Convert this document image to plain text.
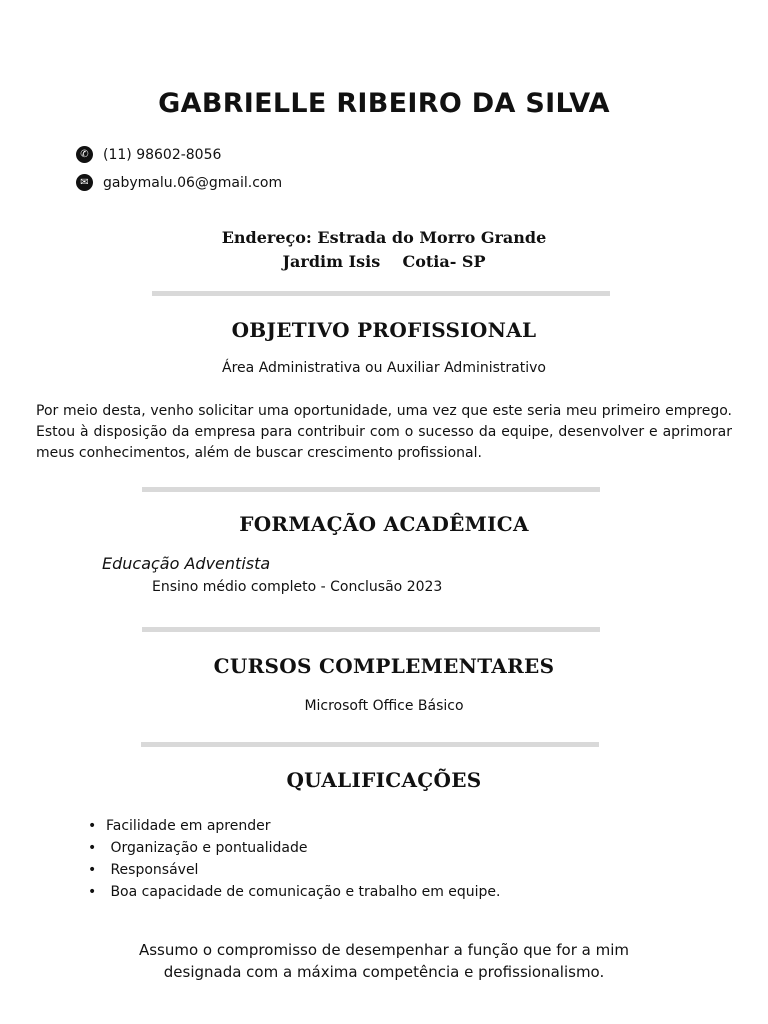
GABRIELLE RIBEIRO DA SILVA
✆	(11) 98602-8056
✉	gabymalu.06@gmail.com
Endereço: Estrada do Morro Grande
Jardim Isis    Cotia- SP
OBJETIVO PROFISSIONAL
Área Administrativa ou Auxiliar Administrativo
Por meio desta, venho solicitar uma oportunidade, uma vez que este seria meu primeiro emprego. Estou à disposição da empresa para contribuir com o sucesso da equipe, desenvolver e aprimorar meus conhecimentos, além de buscar crescimento profissional.
FORMAÇÃO ACADÊMICA
Educação Adventista
Ensino médio completo - Conclusão 2023
CURSOS COMPLEMENTARES
Microsoft Office Básico
QUALIFICAÇÕES
• Facilidade em aprender
•  Organização e pontualidade
•  Responsável
•  Boa capacidade de comunicação e trabalho em equipe.
Assumo o compromisso de desempenhar a função que for a mim
designada com a máxima competência e profissionalismo.
